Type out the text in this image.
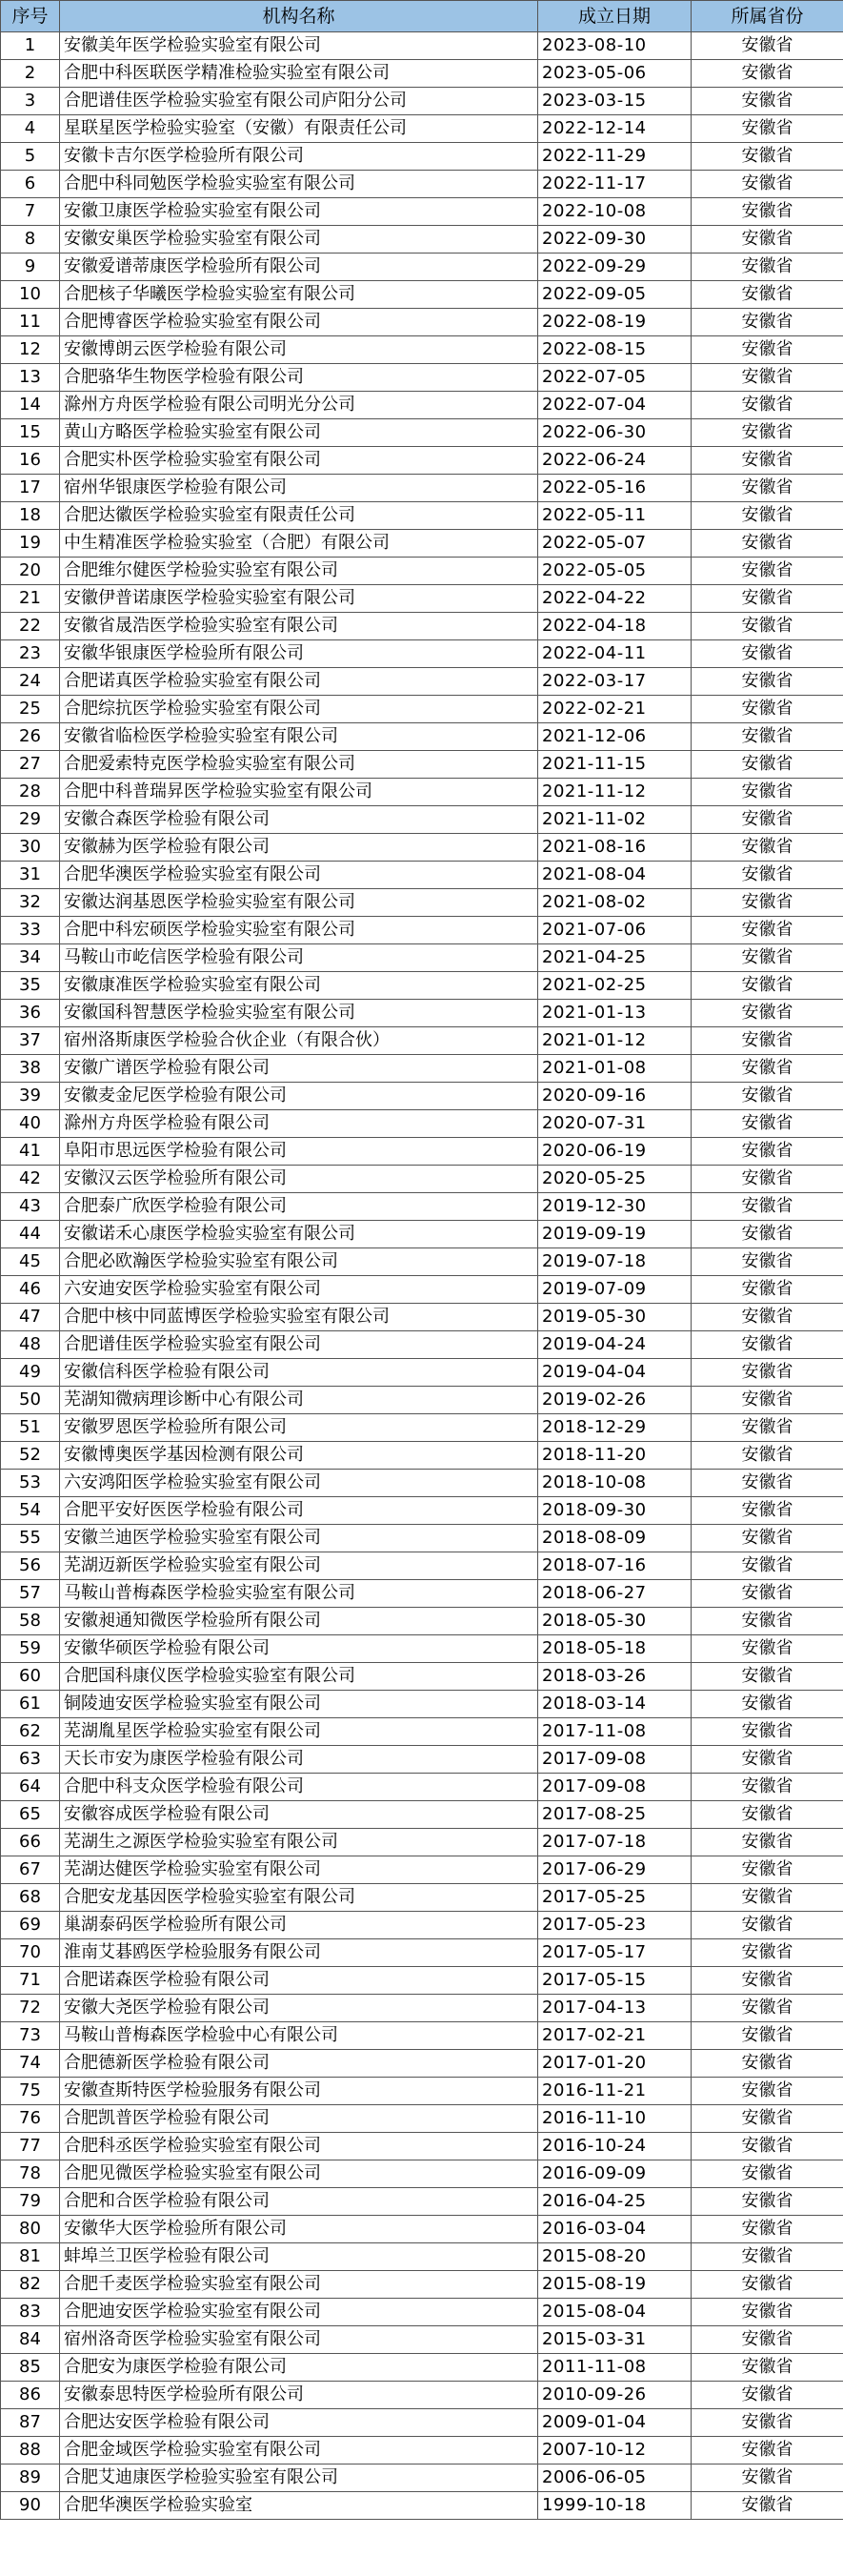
序号	机构名称	成立日期	所属省份
1	安徽美年医学检验实验室有限公司	2023-08-10	安徽省
2	合肥中科医联医学精准检验实验室有限公司	2023-05-06	安徽省
3	合肥谱佳医学检验实验室有限公司庐阳分公司	2023-03-15	安徽省
4	星联星医学检验实验室（安徽）有限责任公司	2022-12-14	安徽省
5	安徽卡吉尔医学检验所有限公司	2022-11-29	安徽省
6	合肥中科同勉医学检验实验室有限公司	2022-11-17	安徽省
7	安徽卫康医学检验实验室有限公司	2022-10-08	安徽省
8	安徽安巢医学检验实验室有限公司	2022-09-30	安徽省
9	安徽爱谱蒂康医学检验所有限公司	2022-09-29	安徽省
10	合肥核子华曦医学检验实验室有限公司	2022-09-05	安徽省
11	合肥博睿医学检验实验室有限公司	2022-08-19	安徽省
12	安徽博朗云医学检验有限公司	2022-08-15	安徽省
13	合肥骆华生物医学检验有限公司	2022-07-05	安徽省
14	滁州方舟医学检验有限公司明光分公司	2022-07-04	安徽省
15	黄山方略医学检验实验室有限公司	2022-06-30	安徽省
16	合肥实朴医学检验实验室有限公司	2022-06-24	安徽省
17	宿州华银康医学检验有限公司	2022-05-16	安徽省
18	合肥达徽医学检验实验室有限责任公司	2022-05-11	安徽省
19	中生精准医学检验实验室（合肥）有限公司	2022-05-07	安徽省
20	合肥维尔健医学检验实验室有限公司	2022-05-05	安徽省
21	安徽伊普诺康医学检验实验室有限公司	2022-04-22	安徽省
22	安徽省晟浩医学检验实验室有限公司	2022-04-18	安徽省
23	安徽华银康医学检验所有限公司	2022-04-11	安徽省
24	合肥诺真医学检验实验室有限公司	2022-03-17	安徽省
25	合肥综抗医学检验实验室有限公司	2022-02-21	安徽省
26	安徽省临检医学检验实验室有限公司	2021-12-06	安徽省
27	合肥爱索特克医学检验实验室有限公司	2021-11-15	安徽省
28	合肥中科普瑞昇医学检验实验室有限公司	2021-11-12	安徽省
29	安徽合森医学检验有限公司	2021-11-02	安徽省
30	安徽赫为医学检验有限公司	2021-08-16	安徽省
31	合肥华澳医学检验实验室有限公司	2021-08-04	安徽省
32	安徽达润基恩医学检验实验室有限公司	2021-08-02	安徽省
33	合肥中科宏硕医学检验实验室有限公司	2021-07-06	安徽省
34	马鞍山市屹信医学检验有限公司	2021-04-25	安徽省
35	安徽康准医学检验实验室有限公司	2021-02-25	安徽省
36	安徽国科智慧医学检验实验室有限公司	2021-01-13	安徽省
37	宿州洛斯康医学检验合伙企业（有限合伙）	2021-01-12	安徽省
38	安徽广谱医学检验有限公司	2021-01-08	安徽省
39	安徽麦金尼医学检验有限公司	2020-09-16	安徽省
40	滁州方舟医学检验有限公司	2020-07-31	安徽省
41	阜阳市思远医学检验有限公司	2020-06-19	安徽省
42	安徽汉云医学检验所有限公司	2020-05-25	安徽省
43	合肥泰广欣医学检验有限公司	2019-12-30	安徽省
44	安徽诺禾心康医学检验实验室有限公司	2019-09-19	安徽省
45	合肥必欧瀚医学检验实验室有限公司	2019-07-18	安徽省
46	六安迪安医学检验实验室有限公司	2019-07-09	安徽省
47	合肥中核中同蓝博医学检验实验室有限公司	2019-05-30	安徽省
48	合肥谱佳医学检验实验室有限公司	2019-04-24	安徽省
49	安徽信科医学检验有限公司	2019-04-04	安徽省
50	芜湖知微病理诊断中心有限公司	2019-02-26	安徽省
51	安徽罗恩医学检验所有限公司	2018-12-29	安徽省
52	安徽博奥医学基因检测有限公司	2018-11-20	安徽省
53	六安鸿阳医学检验实验室有限公司	2018-10-08	安徽省
54	合肥平安好医医学检验有限公司	2018-09-30	安徽省
55	安徽兰迪医学检验实验室有限公司	2018-08-09	安徽省
56	芜湖迈新医学检验实验室有限公司	2018-07-16	安徽省
57	马鞍山普梅森医学检验实验室有限公司	2018-06-27	安徽省
58	安徽昶通知微医学检验所有限公司	2018-05-30	安徽省
59	安徽华硕医学检验有限公司	2018-05-18	安徽省
60	合肥国科康仪医学检验实验室有限公司	2018-03-26	安徽省
61	铜陵迪安医学检验实验室有限公司	2018-03-14	安徽省
62	芜湖胤星医学检验实验室有限公司	2017-11-08	安徽省
63	天长市安为康医学检验有限公司	2017-09-08	安徽省
64	合肥中科支众医学检验有限公司	2017-09-08	安徽省
65	安徽容成医学检验有限公司	2017-08-25	安徽省
66	芜湖生之源医学检验实验室有限公司	2017-07-18	安徽省
67	芜湖达健医学检验实验室有限公司	2017-06-29	安徽省
68	合肥安龙基因医学检验实验室有限公司	2017-05-25	安徽省
69	巢湖泰码医学检验所有限公司	2017-05-23	安徽省
70	淮南艾碁鸥医学检验服务有限公司	2017-05-17	安徽省
71	合肥诺森医学检验有限公司	2017-05-15	安徽省
72	安徽大尧医学检验有限公司	2017-04-13	安徽省
73	马鞍山普梅森医学检验中心有限公司	2017-02-21	安徽省
74	合肥德新医学检验有限公司	2017-01-20	安徽省
75	安徽查斯特医学检验服务有限公司	2016-11-21	安徽省
76	合肥凯普医学检验有限公司	2016-11-10	安徽省
77	合肥科丞医学检验实验室有限公司	2016-10-24	安徽省
78	合肥见微医学检验实验室有限公司	2016-09-09	安徽省
79	合肥和合医学检验有限公司	2016-04-25	安徽省
80	安徽华大医学检验所有限公司	2016-03-04	安徽省
81	蚌埠兰卫医学检验有限公司	2015-08-20	安徽省
82	合肥千麦医学检验实验室有限公司	2015-08-19	安徽省
83	合肥迪安医学检验实验室有限公司	2015-08-04	安徽省
84	宿州洛奇医学检验实验室有限公司	2015-03-31	安徽省
85	合肥安为康医学检验有限公司	2011-11-08	安徽省
86	安徽泰思特医学检验所有限公司	2010-09-26	安徽省
87	合肥达安医学检验有限公司	2009-01-04	安徽省
88	合肥金域医学检验实验室有限公司	2007-10-12	安徽省
89	合肥艾迪康医学检验实验室有限公司	2006-06-05	安徽省
90	合肥华澳医学检验实验室	1999-10-18	安徽省
